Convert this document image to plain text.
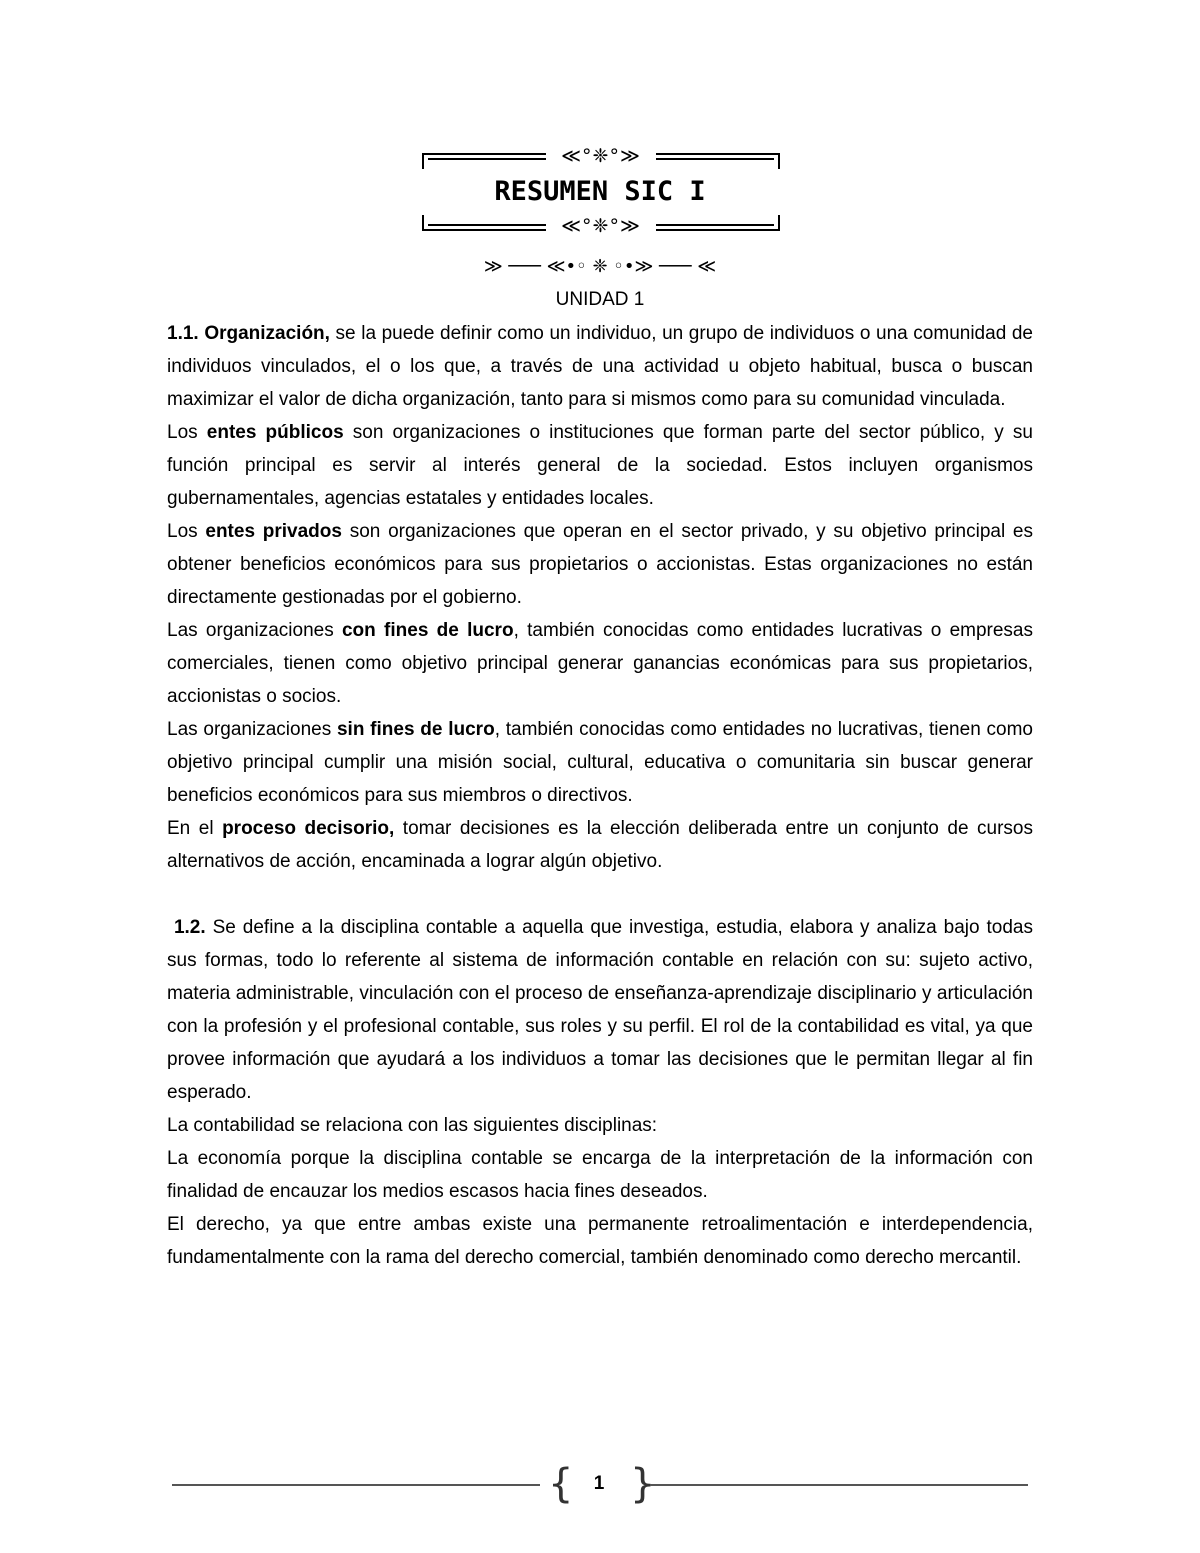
≪°❈°≫
RESUMEN SIC I
≪°❈°≫
≫ ─── ≪•◦ ❈ ◦•≫ ─── ≪
UNIDAD 1

1.1. Organización, se la puede definir como un individuo, un grupo de individuos o una comunidad de individuos vinculados, el o los que, a través de una actividad u objeto habitual, busca o buscan maximizar el valor de dicha organización, tanto para si mismos como para su comunidad vinculada.

Los entes públicos son organizaciones o instituciones que forman parte del sector público, y su función principal es servir al interés general de la sociedad. Estos incluyen organismos gubernamentales, agencias estatales y entidades locales.

Los entes privados son organizaciones que operan en el sector privado, y su objetivo principal es obtener beneficios económicos para sus propietarios o accionistas. Estas organizaciones no están directamente gestionadas por el gobierno.

Las organizaciones con fines de lucro, también conocidas como entidades lucrativas o empresas comerciales, tienen como objetivo principal generar ganancias económicas para sus propietarios, accionistas o socios.

Las organizaciones sin fines de lucro, también conocidas como entidades no lucrativas, tienen como objetivo principal cumplir una misión social, cultural, educativa o comunitaria sin buscar generar beneficios económicos para sus miembros o directivos.

En el proceso decisorio, tomar decisiones es la elección deliberada entre un conjunto de cursos alternativos de acción, encaminada a lograr algún objetivo.

1.2. Se define a la disciplina contable a aquella que investiga, estudia, elabora y analiza bajo todas sus formas, todo lo referente al sistema de información contable en relación con su: sujeto activo, materia administrable, vinculación con el proceso de enseñanza-aprendizaje disciplinario y articulación con la profesión y el profesional contable, sus roles y su perfil. El rol de la contabilidad es vital, ya que provee información que ayudará a los individuos a tomar las decisiones que le permitan llegar al fin esperado.

La contabilidad se relaciona con las siguientes disciplinas:

La economía porque la disciplina contable se encarga de la interpretación de la información con finalidad de encauzar los medios escasos hacia fines deseados.

El derecho, ya que entre ambas existe una permanente retroalimentación e interdependencia, fundamentalmente con la rama del derecho comercial, también denominado como derecho mercantil.

{	1 }
